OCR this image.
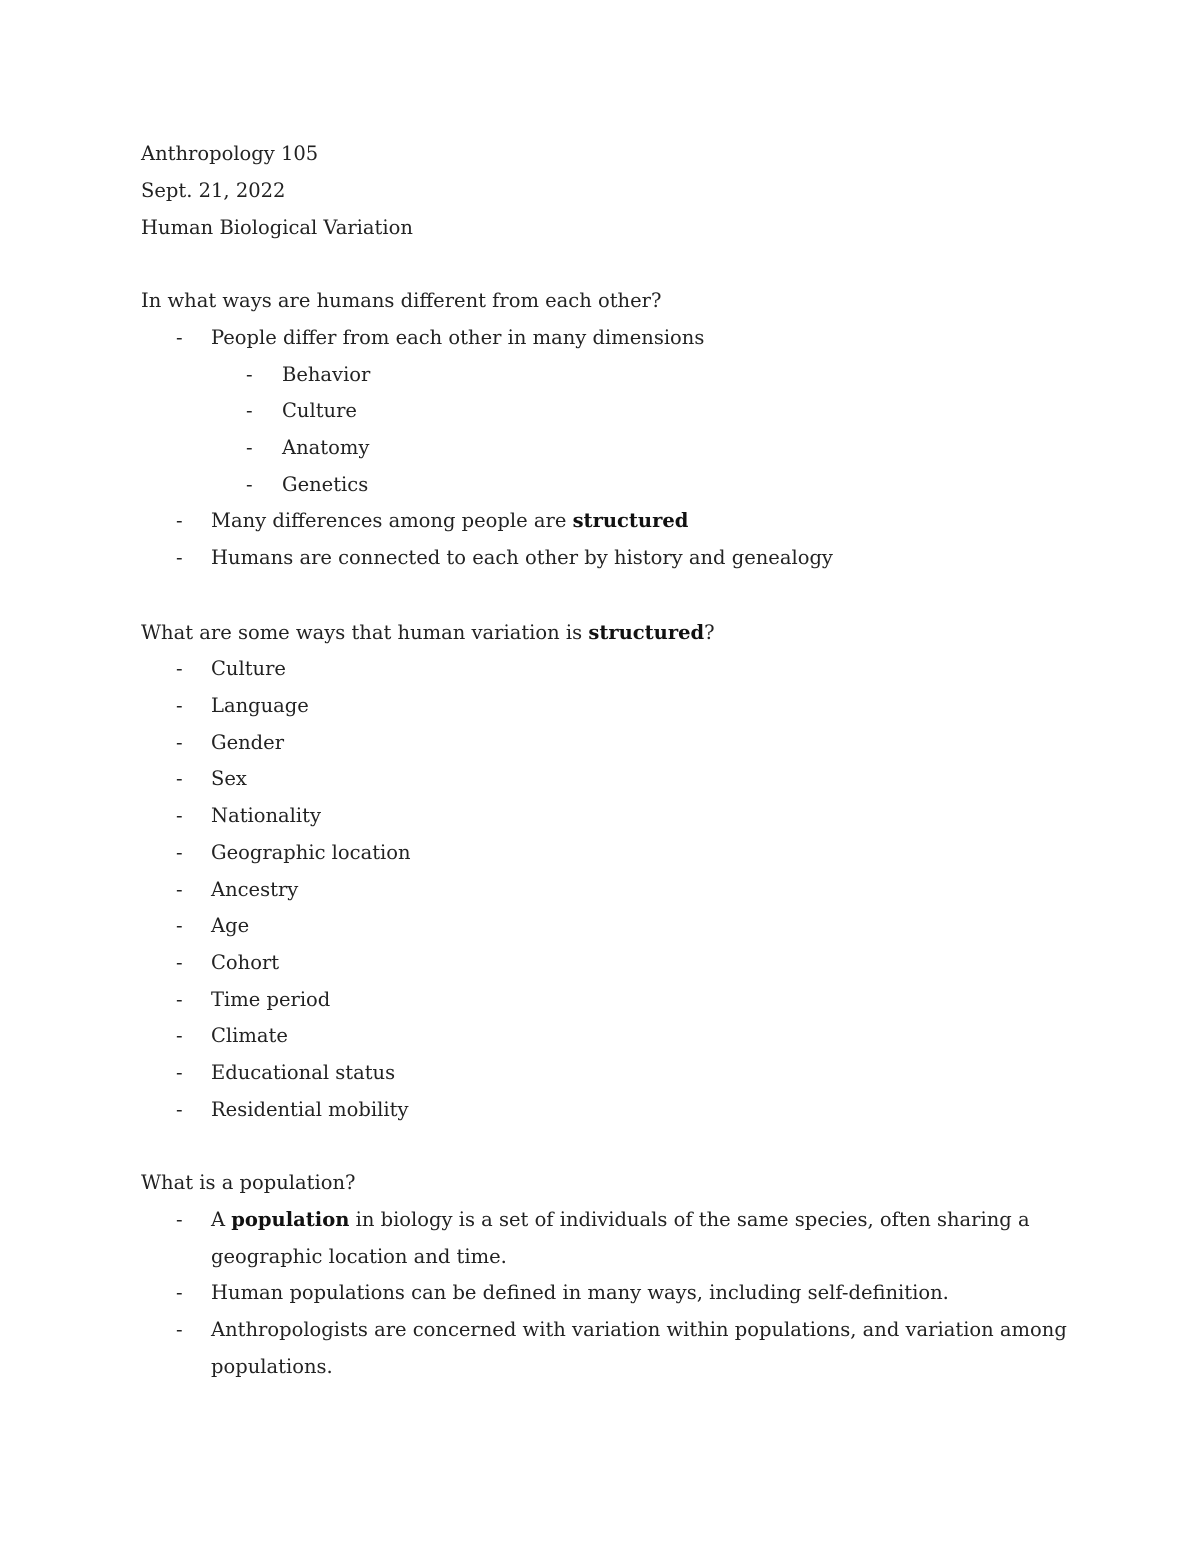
Anthropology 105
Sept. 21, 2022
Human Biological Variation
In what ways are humans different from each other?
- People differ from each other in many dimensions
- Behavior
- Culture
- Anatomy
- Genetics
- Many differences among people are structured
- Humans are connected to each other by history and genealogy
What are some ways that human variation is structured?
- Culture
- Language
- Gender
- Sex
- Nationality
- Geographic location
- Ancestry
- Age
- Cohort
- Time period
- Climate
- Educational status
- Residential mobility
What is a population?
- A population in biology is a set of individuals of the same species, often sharing a
geographic location and time.
- Human populations can be defined in many ways, including self-definition.
- Anthropologists are concerned with variation within populations, and variation among
populations.
